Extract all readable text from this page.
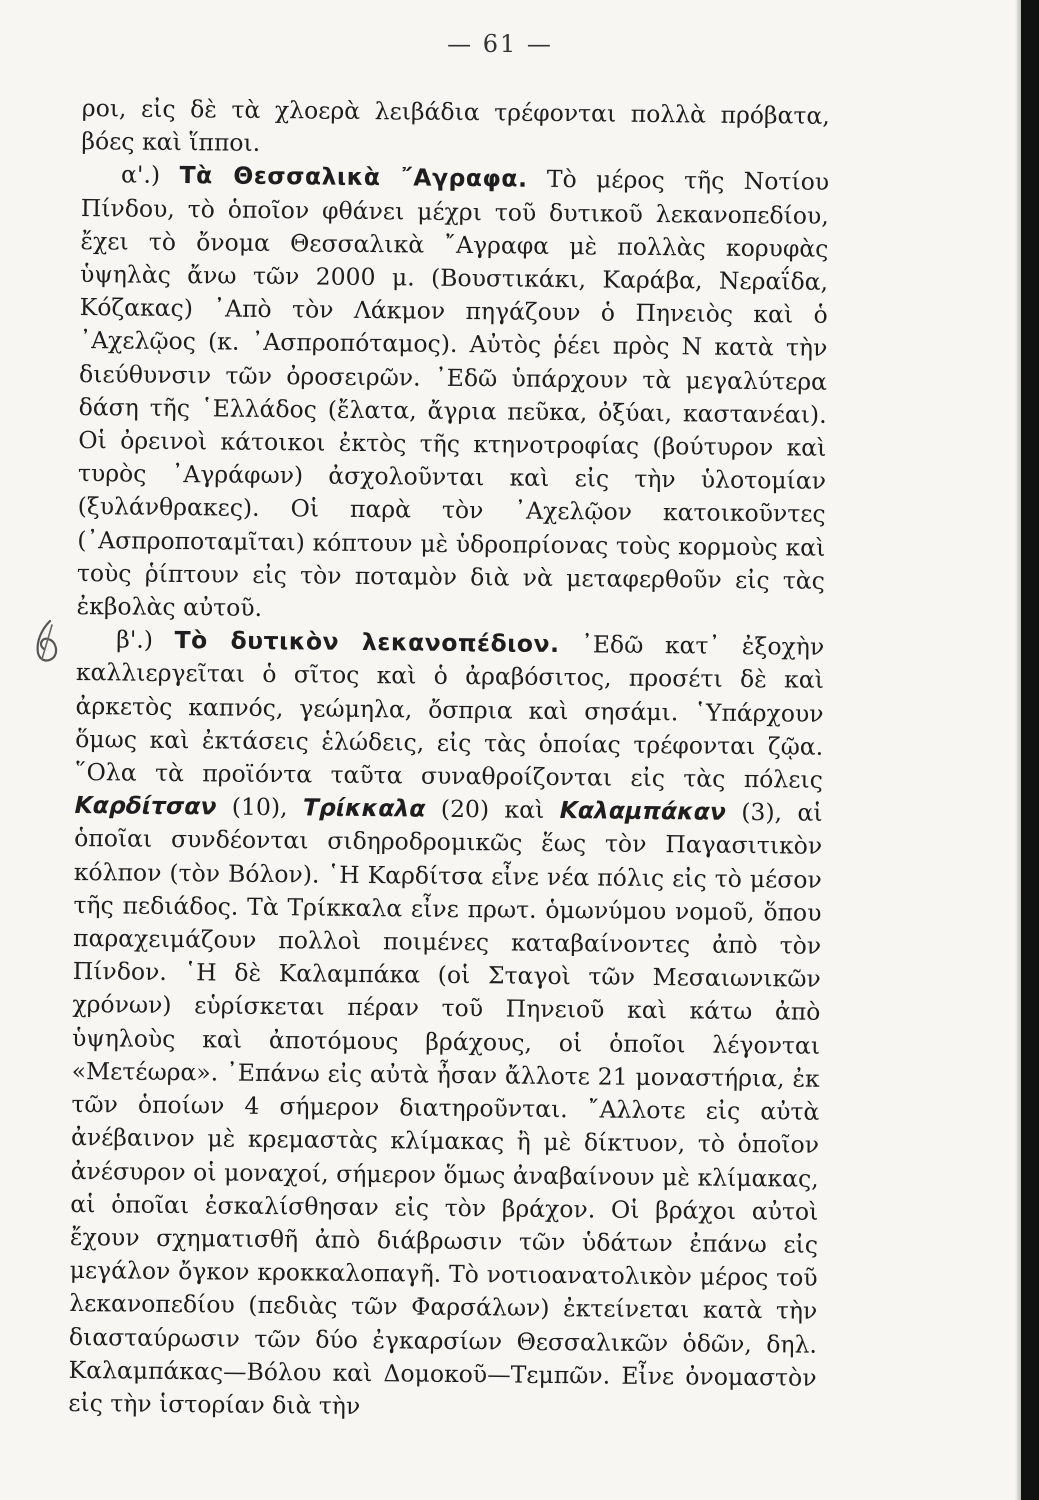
— 61 —

ροι, εἰς δὲ τὰ χλοερὰ λειβάδια τρέφονται πολλὰ πρόβατα, βόες καὶ ἵπποι.

α'.) Τὰ Θεσσαλικὰ ῎Αγραφα. Τὸ μέρος τῆς Νοτίου Πίνδου, τὸ ὁποῖον φθάνει μέχρι τοῦ δυτικοῦ λεκανοπεδίου, ἔχει τὸ ὄνομα Θεσσαλικὰ ῎Αγραφα μὲ πολλὰς κορυφὰς ὑψηλὰς ἄνω τῶν 2000 μ. (Βουστικάκι, Καράβα, Νεραΐδα, Κόζακας) ᾿Απὸ τὸν Λάκμον πηγάζουν ὁ Πηνειὸς καὶ ὁ ᾿Αχελῷος (κ. ᾿Ασπροπόταμος). Αὐτὸς ῥέει πρὸς Ν κατὰ τὴν διεύθυνσιν τῶν ὀροσειρῶν. ᾿Εδῶ ὑπάρχουν τὰ μεγαλύτερα δάση τῆς ῾Ελλάδος (ἔλατα, ἄγρια πεῦκα, ὀξύαι, καστανέαι). Οἱ ὀρεινοὶ κάτοικοι ἐκτὸς τῆς κτηνοτροφίας (βούτυρον καὶ τυρὸς ᾿Αγράφων) ἀσχολοῦνται καὶ εἰς τὴν ὑλοτομίαν (ξυλάνθρακες). Οἱ παρὰ τὸν ᾿Αχελῷον κατοικοῦντες (᾿Ασπροποταμῖται) κόπτουν μὲ ὑδροπρίονας τοὺς κορμοὺς καὶ τοὺς ῥίπτουν εἰς τὸν ποταμὸν διὰ νὰ μεταφερθοῦν εἰς τὰς ἐκβολὰς αὐτοῦ.

β'.) Τὸ δυτικὸν λεκανοπέδιον. ᾿Εδῶ κατ᾿ ἐξοχὴν καλλιεργεῖται ὁ σῖτος καὶ ὁ ἀραβόσιτος, προσέτι δὲ καὶ ἀρκετὸς καπνός, γεώμηλα, ὄσπρια καὶ σησάμι. ῾Υπάρχουν ὅμως καὶ ἐκτάσεις ἑλώδεις, εἰς τὰς ὁποίας τρέφονται ζῷα. ῞Ολα τὰ προϊόντα ταῦτα συναθροίζονται εἰς τὰς πόλεις Καρδίτσαν (10), Τρίκκαλα (20) καὶ Καλαμπάκαν (3), αἱ ὁποῖαι συνδέονται σιδηροδρομικῶς ἕως τὸν Παγασιτικὸν κόλπον (τὸν Βόλον). ῾Η Καρδίτσα εἶνε νέα πόλις εἰς τὸ μέσον τῆς πεδιάδος. Τὰ Τρίκκαλα εἶνε πρωτ. ὁμωνύμου νομοῦ, ὅπου παραχειμάζουν πολλοὶ ποιμένες καταβαίνοντες ἀπὸ τὸν Πίνδον. ῾Η δὲ Καλαμπάκα (οἱ Σταγοὶ τῶν Μεσαιωνικῶν χρόνων) εὑρίσκεται πέραν τοῦ Πηνειοῦ καὶ κάτω ἀπὸ ὑψηλοὺς καὶ ἀποτόμους βράχους, οἱ ὁποῖοι λέγονται «Μετέωρα». ᾿Επάνω εἰς αὐτὰ ἦσαν ἄλλοτε 21 μοναστήρια, ἐκ τῶν ὁποίων 4 σήμερον διατηροῦνται. ῎Αλλοτε εἰς αὐτὰ ἀνέβαινον μὲ κρεμαστὰς κλίμακας ἢ μὲ δίκτυον, τὸ ὁποῖον ἀνέσυρον οἱ μοναχοί, σήμερον ὅμως ἀναβαίνουν μὲ κλίμακας, αἱ ὁποῖαι ἐσκαλίσθησαν εἰς τὸν βράχον. Οἱ βράχοι αὐτοὶ ἔχουν σχηματισθῆ ἀπὸ διάβρωσιν τῶν ὑδάτων ἐπάνω εἰς μεγάλον ὄγκον κροκκαλοπαγῆ. Τὸ νοτιοανατολικὸν μέρος τοῦ λεκανοπεδίου (πεδιὰς τῶν Φαρσάλων) ἐκτείνεται κατὰ τὴν διασταύρωσιν τῶν δύο ἐγκαρσίων Θεσσαλικῶν ὁδῶν, δηλ. Καλαμπάκας—Βόλου καὶ Δομοκοῦ—Τεμπῶν. Εἶνε ὀνομαστὸν εἰς τὴν ἱστορίαν διὰ τὴν
